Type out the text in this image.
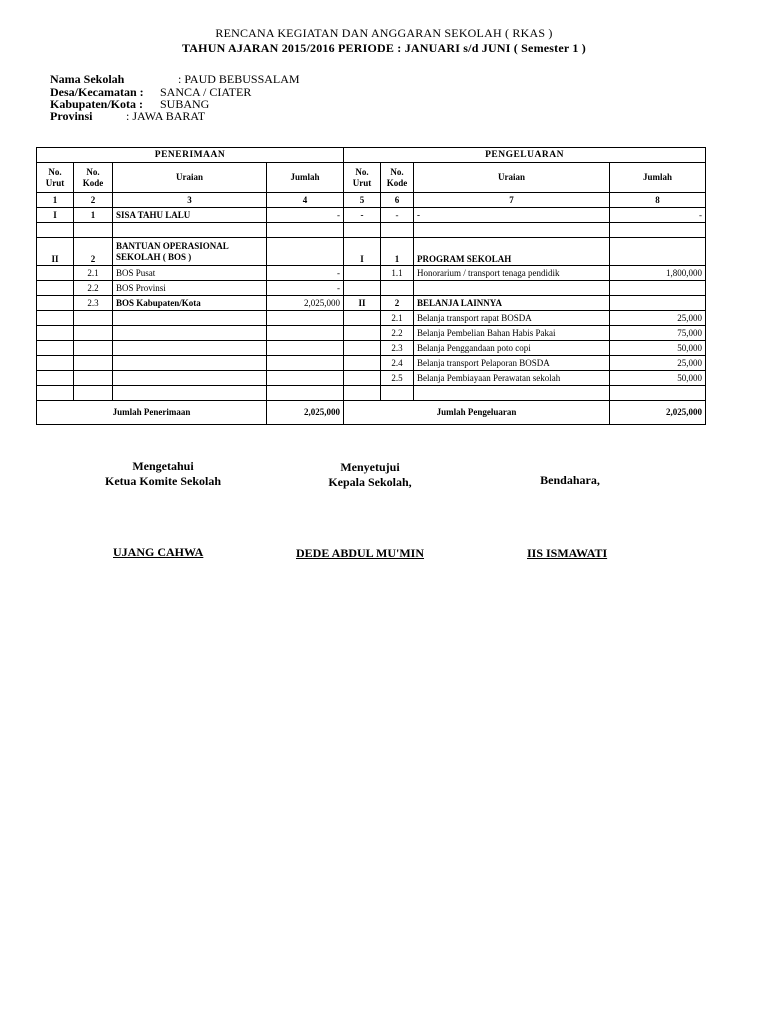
RENCANA KEGIATAN DAN ANGGARAN SEKOLAH ( RKAS )
TAHUN AJARAN 2015/2016 PERIODE : JANUARI s/d JUNI ( Semester 1 )
Nama Sekolah	: PAUD BEBUSSALAM
Desa/Kecamatan : SANCA / CIATER
Kabupaten/Kota : SUBANG
Provinsi	: JAWA BARAT
PENERIMAAN				PENGELUARAN			
No. Urut	No. Kode	Uraian	Jumlah	No. Urut	No. Kode	Uraian	Jumlah
1	2	3	4	5	6	7	8
I	1	SISA TAHU LALU	-	-	-	-	-

II	2	BANTUAN OPERASIONAL SEKOLAH ( BOS )		I	1	PROGRAM SEKOLAH	
	2.1	BOS Pusat	-		1.1	Honorarium / transport tenaga pendidik	1,800,000
	2.2	BOS Provinsi	-				
	2.3	BOS Kabupaten/Kota	2,025,000	II	2	BELANJA LAINNYA	
					2.1	Belanja transport rapat BOSDA	25,000
					2.2	Belanja Pembelian Bahan Habis Pakai	75,000
					2.3	Belanja Penggandaan poto copi	50,000
					2.4	Belanja transport Pelaporan BOSDA	25,000
					2.5	Belanja Pembiayaan Perawatan sekolah	50,000

Jumlah Penerimaan			2,025,000	Jumlah Pengeluaran			2,025,000
Mengetahui
Ketua Komite Sekolah
Menyetujui
Kepala Sekolah,	Bendahara,
UJANG CAHWA	DEDE ABDUL MU'MIN	IIS ISMAWATI
